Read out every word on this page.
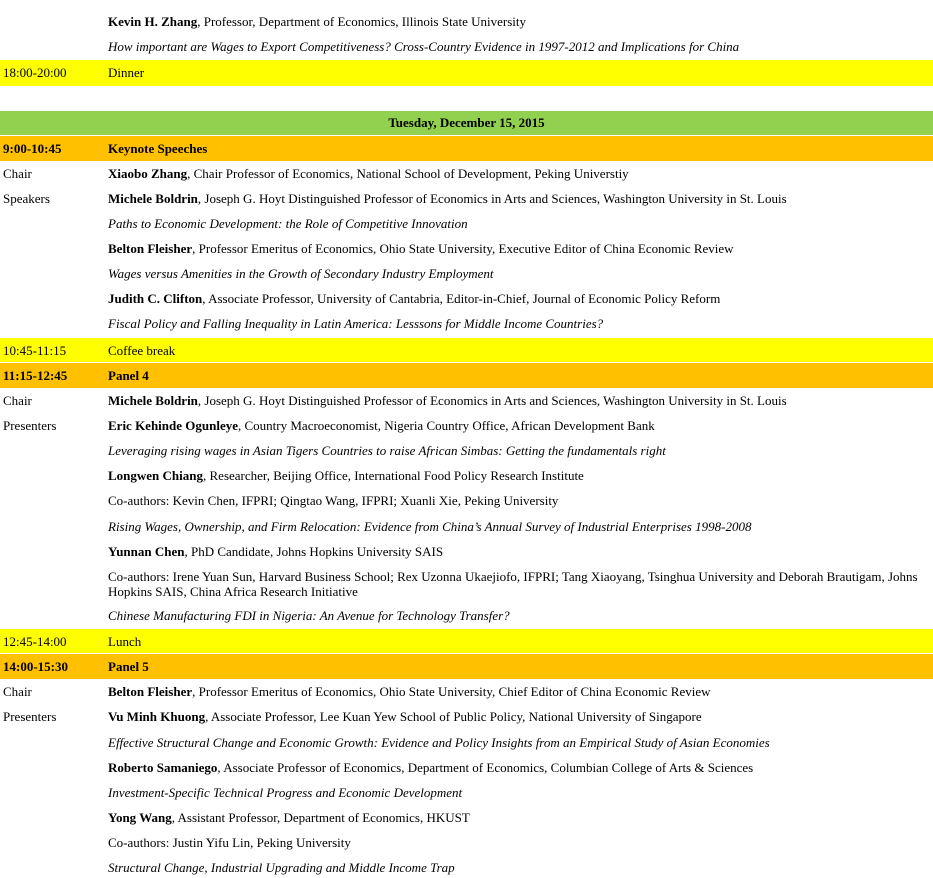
Kevin H. Zhang, Professor, Department of Economics, Illinois State University
How important are Wages to Export Competitiveness? Cross-Country Evidence in 1997-2012 and Implications for China
18:00-20:00	Dinner
Tuesday, December 15, 2015
9:00-10:45	Keynote Speeches
Chair	Xiaobo Zhang, Chair Professor of Economics, National School of Development, Peking Universtiy
Speakers	Michele Boldrin, Joseph G. Hoyt Distinguished Professor of Economics in Arts and Sciences, Washington University in St. Louis
Paths to Economic Development: the Role of Competitive Innovation
Belton Fleisher, Professor Emeritus of Economics, Ohio State University, Executive Editor of China Economic Review
Wages versus Amenities in the Growth of Secondary Industry Employment
Judith C. Clifton, Associate Professor, University of Cantabria, Editor-in-Chief, Journal of Economic Policy Reform
Fiscal Policy and Falling Inequality in Latin America: Lesssons for Middle Income Countries?
10:45-11:15	Coffee break
11:15-12:45	Panel 4
Chair	Michele Boldrin, Joseph G. Hoyt Distinguished Professor of Economics in Arts and Sciences, Washington University in St. Louis
Presenters	Eric Kehinde Ogunleye, Country Macroeconomist, Nigeria Country Office, African Development Bank
Leveraging rising wages in Asian Tigers Countries to raise African Simbas: Getting the fundamentals right
Longwen Chiang, Researcher, Beijing Office, International Food Policy Research Institute
Co-authors: Kevin Chen, IFPRI; Qingtao Wang, IFPRI; Xuanli Xie, Peking University
Rising Wages, Ownership, and Firm Relocation: Evidence from China’s Annual Survey of Industrial Enterprises 1998-2008
Yunnan Chen, PhD Candidate, Johns Hopkins University SAIS
Co-authors: Irene Yuan Sun, Harvard Business School; Rex Uzonna Ukaejiofo, IFPRI; Tang Xiaoyang, Tsinghua University and Deborah Brautigam, Johns Hopkins SAIS, China Africa Research Initiative
Chinese Manufacturing FDI in Nigeria: An Avenue for Technology Transfer?
12:45-14:00	Lunch
14:00-15:30	Panel 5
Chair	Belton Fleisher, Professor Emeritus of Economics, Ohio State University, Chief Editor of China Economic Review
Presenters	Vu Minh Khuong, Associate Professor, Lee Kuan Yew School of Public Policy, National University of Singapore
Effective Structural Change and Economic Growth: Evidence and Policy Insights from an Empirical Study of Asian Economies
Roberto Samaniego, Associate Professor of Economics, Department of Economics, Columbian College of Arts & Sciences
Investment-Specific Technical Progress and Economic Development
Yong Wang, Assistant Professor, Department of Economics, HKUST
Co-authors: Justin Yifu Lin, Peking University
Structural Change, Industrial Upgrading and Middle Income Trap
